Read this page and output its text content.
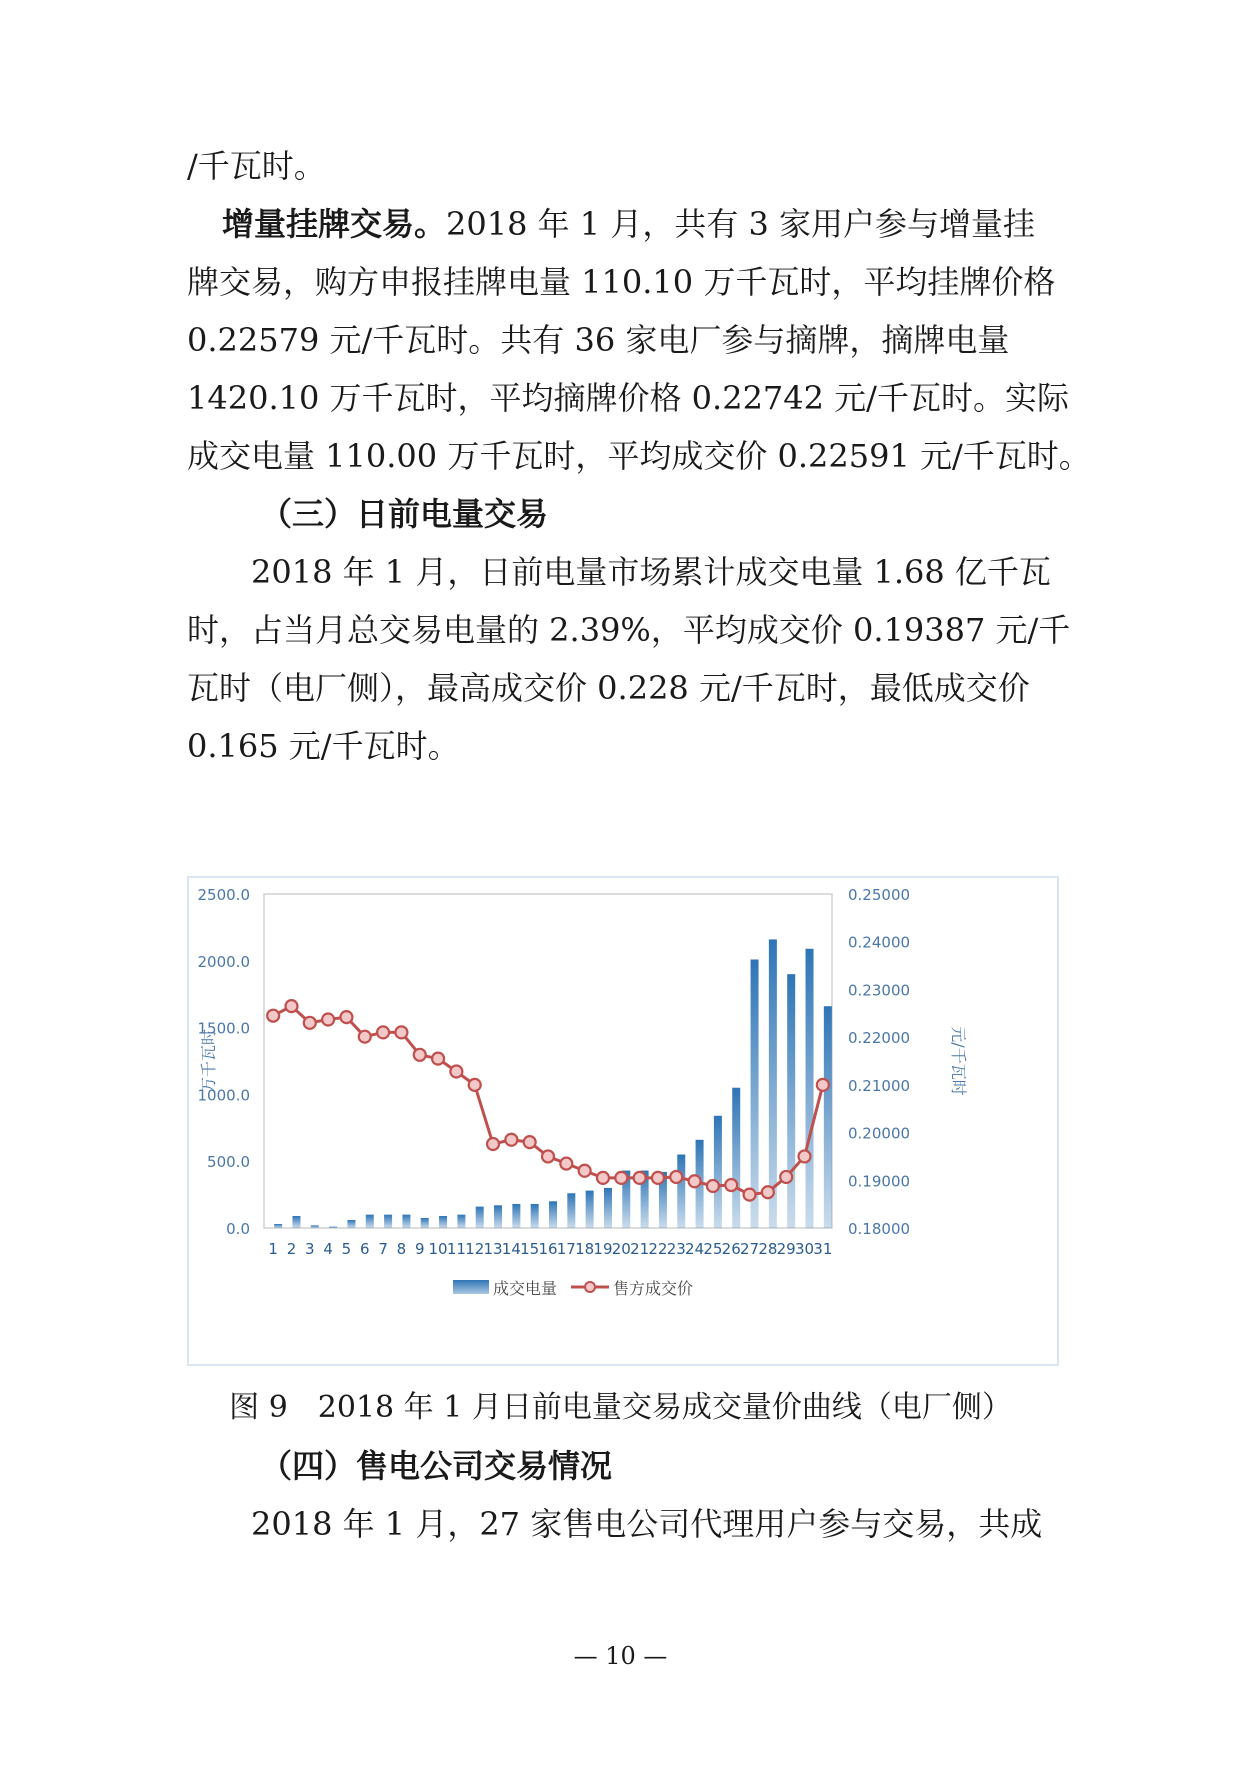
/千瓦时。
增量挂牌交易。2018 年 1 月，共有 3 家用户参与增量挂
牌交易，购方申报挂牌电量 110.10 万千瓦时，平均挂牌价格
0.22579 元/千瓦时。共有 36 家电厂参与摘牌，摘牌电量
1420.10 万千瓦时，平均摘牌价格 0.22742 元/千瓦时。实际
成交电量 110.00 万千瓦时，平均成交价 0.22591 元/千瓦时。
（三）日前电量交易
2018 年 1 月，日前电量市场累计成交电量 1.68 亿千瓦
时，占当月总交易电量的 2.39%，平均成交价 0.19387 元/千
瓦时（电厂侧），最高成交价 0.228 元/千瓦时，最低成交价
0.165 元/千瓦时。
0.0
500.0
1000.0
1500.0
2000.0
2500.0
0.18000
0.19000
0.20000
0.21000
0.22000
0.23000
0.24000
0.25000
万千瓦时	元/千瓦时
1 2 3 4 5 6 7 8 9 10 11 12 13 14 15 16 17 18 19 20 21 22 23 24 25 26 27 28 29 30 31
成交电量	售方成交价
图 9　2018 年 1 月日前电量交易成交量价曲线（电厂侧）
（四）售电公司交易情况
2018 年 1 月，27 家售电公司代理用户参与交易，共成
— 10 —
